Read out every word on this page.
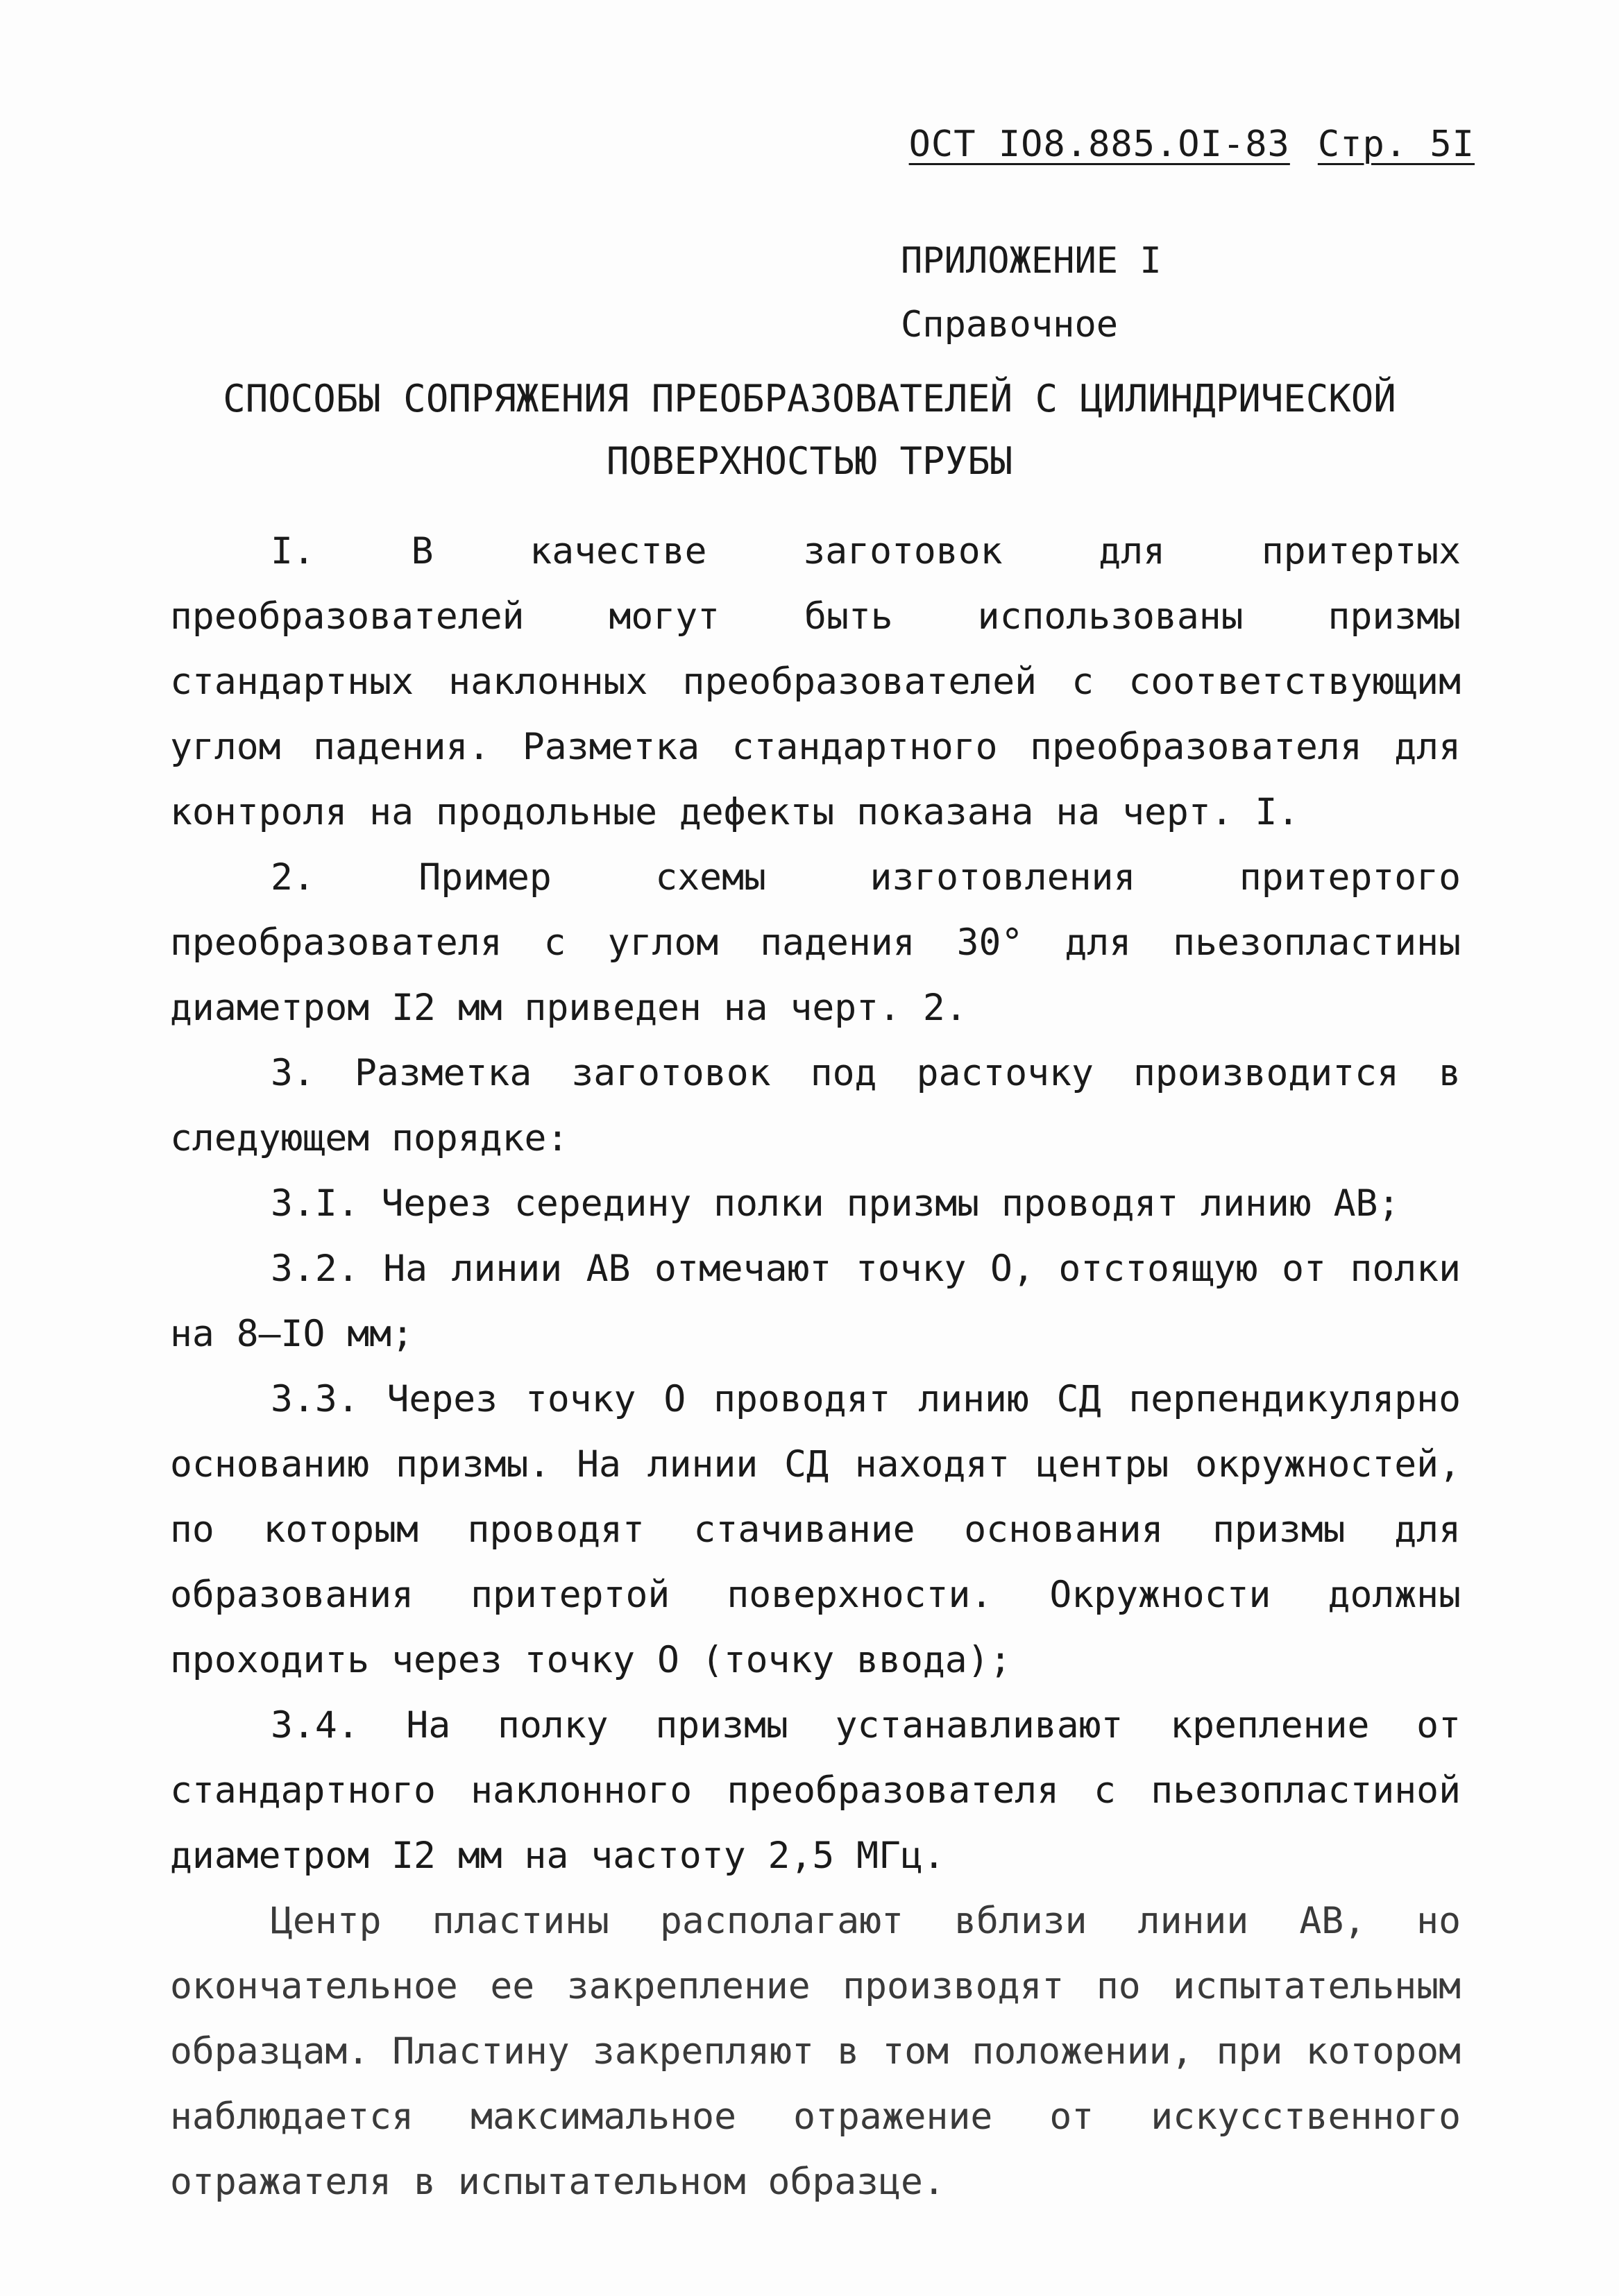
ОСТ IО8.885.ОI-83 Стр. 5I
ПРИЛОЖЕНИЕ I
Справочное
СПОСОБЫ СОПРЯЖЕНИЯ ПРЕОБРАЗОВАТЕЛЕЙ С ЦИЛИНДРИЧЕСКОЙ
ПОВЕРХНОСТЬЮ ТРУБЫ

I. В качестве заготовок для притертых преобразователей могут быть использованы призмы стандартных наклонных преобразователей с соответствующим углом падения. Разметка стандартного преобразователя для контроля на продольные дефекты показана на черт. I.

2. Пример схемы изготовления притертого преобразователя с углом падения 30° для пьезопластины диаметром I2 мм приведен на черт. 2.

3. Разметка заготовок под расточку производится в следующем порядке:

3.I. Через середину полки призмы проводят линию АВ;

3.2. На линии АВ отмечают точку О, отстоящую от полки на 8–IО мм;

3.3. Через точку О проводят линию СД перпендикулярно основанию призмы. На линии СД находят центры окружностей, по которым проводят стачивание основания призмы для образования притертой поверхности. Окружности должны проходить через точку О (точку ввода);

3.4. На полку призмы устанавливают крепление от стандартного наклонного преобразователя с пьезопластиной диаметром I2 мм на частоту 2,5 МГц.

Центр пластины располагают вблизи линии АВ, но окончательное ее закрепление производят по испытательным образцам. Пластину закрепляют в том положении, при котором наблюдается максимальное отражение от искусственного отражателя в испытательном образце.
